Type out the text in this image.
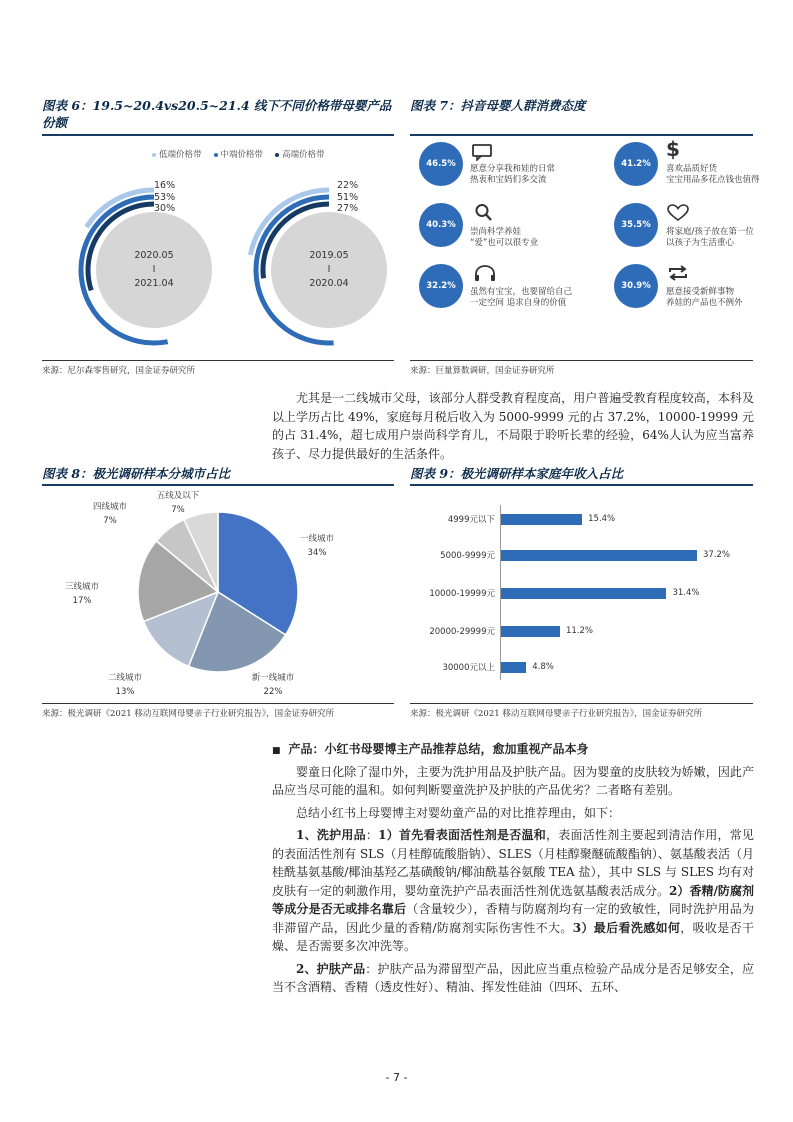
图表 6：19.5~20.4vs20.5~21.4 线下不同价格带母婴产品份额
低端价格带	中端价格带	高端价格带
16%
53%
30%
2020.05
I
2021.04
22%
51%
27%
2019.05
I
2020.04
来源：尼尔森零售研究，国金证券研究所
图表 7：抖音母婴人群消费态度
46.5%	愿意分享我和娃的日常
热衷和宝妈们多交流
41.2%
$
喜欢品质好货
宝宝用品多花点钱也值得
40.3%
崇尚科学养娃
“爱”也可以很专业
35.5%
将家庭/孩子放在第一位
以孩子为生活重心
32.2%
虽然有宝宝，也要留给自己
一定空间 追求自身的价值
30.9%
愿意接受新鲜事物
养娃的产品也不例外
来源：巨量算数调研，国金证券研究所

尤其是一二线城市父母，该部分人群受教育程度高，用户普遍受教育程度较高，本科及以上学历占比 49%，家庭每月税后收入为 5000-9999 元的占 37.2%，10000-19999 元的占 31.4%，超七成用户崇尚科学育儿，不局限于聆听长辈的经验，64%人认为应当富养孩子、尽力提供最好的生活条件。

图表 8：极光调研样本分城市占比
一线城市
34%
新一线城市
22%
二线城市
13%
三线城市
17%
四线城市
7%
五线及以下
7%
来源：极光调研《2021 移动互联网母婴亲子行业研究报告》，国金证券研究所
图表 9：极光调研样本家庭年收入占比
4999元以下
5000-9999元
10000-19999元
20000-29999元
30000元以上
15.4%
37.2%
31.4%
11.2%
4.8%
来源：极光调研《2021 移动互联网母婴亲子行业研究报告》，国金证券研究所

■ 产品：小红书母婴博主产品推荐总结，愈加重视产品本身

婴童日化除了湿巾外，主要为洗护用品及护肤产品。因为婴童的皮肤较为娇嫩，因此产品应当尽可能的温和。如何判断婴童洗护及护肤的产品优劣？二者略有差别。

总结小红书上母婴博主对婴幼童产品的对比推荐理由，如下：

1、洗护用品：1）首先看表面活性剂是否温和，表面活性剂主要起到清洁作用，常见的表面活性剂有 SLS（月桂醇硫酸脂钠）、SLES（月桂醇聚醚硫酸酯钠）、氨基酸表活（月桂酰基氨基酸/椰油基羟乙基磺酸钠/椰油酰基谷氨酸 TEA 盐），其中 SLS 与 SLES 均有对皮肤有一定的刺激作用，婴幼童洗护产品表面活性剂优选氨基酸表活成分。2）香精/防腐剂等成分是否无或排名靠后（含量较少），香精与防腐剂均有一定的致敏性，同时洗护用品为非滞留产品，因此少量的香精/防腐剂实际伤害性不大。3）最后看洗感如何，吸收是否干燥、是否需要多次冲洗等。

2、护肤产品：护肤产品为滞留型产品，因此应当重点检验产品成分是否足够安全，应当不含酒精、香精（透皮性好）、精油、挥发性硅油（四环、五环、

- 7 -
